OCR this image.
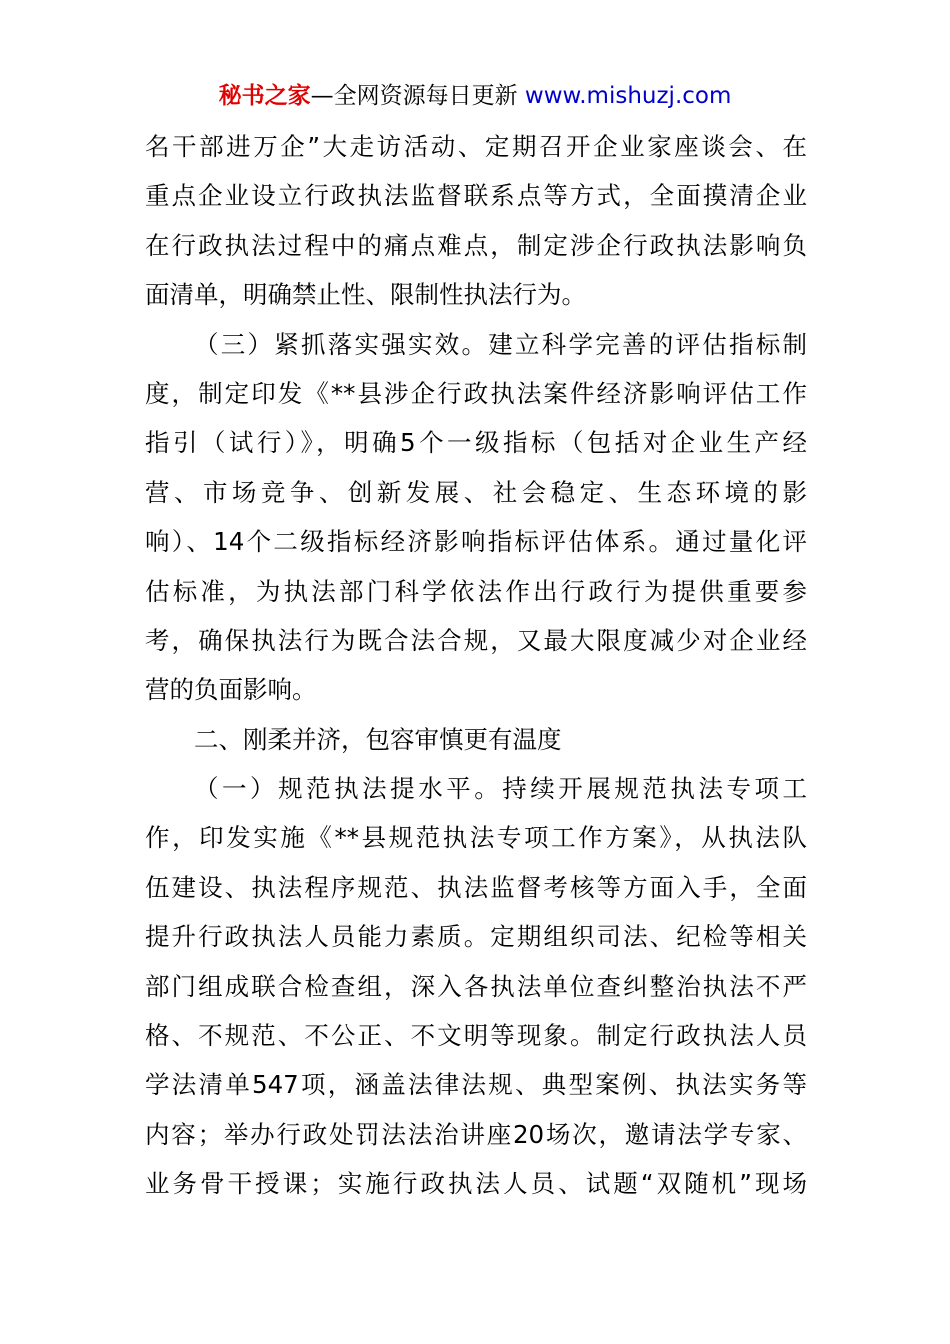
秘书之家—全网资源每日更新 www.mishuzj.com
名干部进万企”大走访活动、定期召开企业家座谈会、在
重点企业设立行政执法监督联系点等方式，全面摸清企业
在行政执法过程中的痛点难点，制定涉企行政执法影响负
面清单，明确禁止性、限制性执法行为。
（三）紧抓落实强实效。建立科学完善的评估指标制
度，制定印发《**县涉企行政执法案件经济影响评估工作
指引（试行）》，明确5个一级指标（包括对企业生产经
营、市场竞争、创新发展、社会稳定、生态环境的影
响）、14个二级指标经济影响指标评估体系。通过量化评
估标准，为执法部门科学依法作出行政行为提供重要参
考，确保执法行为既合法合规，又最大限度减少对企业经
营的负面影响。
二、刚柔并济，包容审慎更有温度
（一）规范执法提水平。持续开展规范执法专项工
作，印发实施《**县规范执法专项工作方案》，从执法队
伍建设、执法程序规范、执法监督考核等方面入手，全面
提升行政执法人员能力素质。定期组织司法、纪检等相关
部门组成联合检查组，深入各执法单位查纠整治执法不严
格、不规范、不公正、不文明等现象。制定行政执法人员
学法清单547项，涵盖法律法规、典型案例、执法实务等
内容；举办行政处罚法法治讲座20场次，邀请法学专家、
业务骨干授课；实施行政执法人员、试题“双随机”现场
